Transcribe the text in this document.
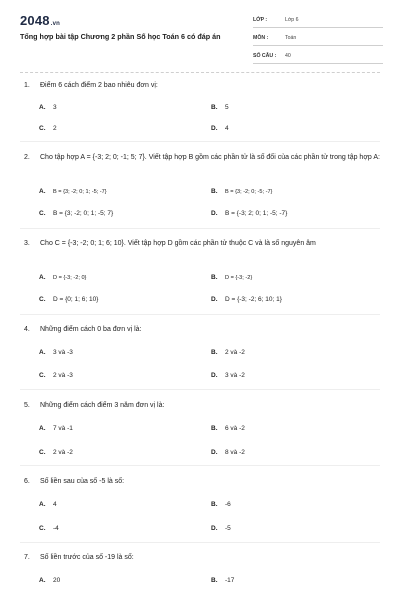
2048.vn
Tổng hợp bài tập Chương 2 phần Số học Toán 6 có đáp án
LỚP :	Lớp 6
MÔN :	Toán
SỐ CÂU : 40
1.	Điểm 6 cách điểm 2 bao nhiêu đơn vị:
A. 3	B. 5
C. 2	D. 4
2.	Cho tập hợp A = {-3; 2; 0; -1; 5; 7}. Viết tập hợp B gồm các phần tử là số đối của các phần tử trong tập hợp A:
A. B = {3; -2; 0; 1; -5; -7}	B. B = {3; -2; 0; -5; -7}
C. B = {3; -2; 0; 1; -5; 7}	D. B = {-3; 2; 0; 1; -5; -7}
3.	Cho C = {-3; -2; 0; 1; 6; 10}. Viết tập hợp D gồm các phần tử thuộc C và là số nguyên âm
A. D = {-3; -2; 0}	B. D = {-3; -2}
C. D = {0; 1; 6; 10}	D. D = {-3; -2; 6; 10; 1}
4.	Những điểm cách 0 ba đơn vị là:
A. 3 và -3	B. 2 và -2
C. 2 và -3	D. 3 và -2
5.	Những điểm cách điểm 3 năm đơn vị là:
A. 7 và -1	B. 6 và -2
C. 2 và -2	D. 8 và -2
6.	Số liền sau của số -5 là số:
A. 4	B. -6
C. -4	D. -5
7.	Số liền trước của số -19 là số:
A. 20	B. -17
